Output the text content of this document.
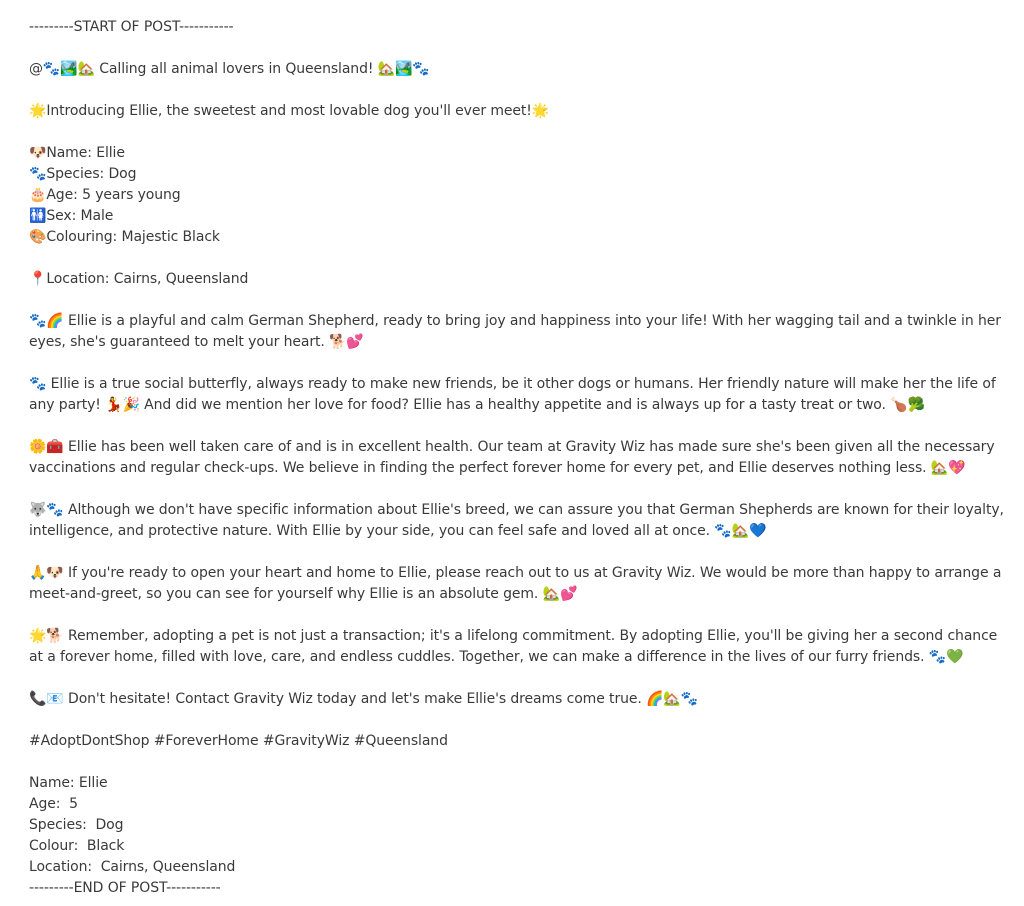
---------START OF POST-----------

@🐾🏞️🏡 Calling all animal lovers in Queensland! 🏡🏞️🐾

🌟Introducing Ellie, the sweetest and most lovable dog you'll ever meet!🌟

🐶Name: Ellie

🐾Species: Dog

🎂Age: 5 years young

🚻Sex: Male

🎨Colouring: Majestic Black

📍Location: Cairns, Queensland

🐾🌈 Ellie is a playful and calm German Shepherd, ready to bring joy and happiness into your life! With her wagging tail and a twinkle in her eyes, she's guaranteed to melt your heart. 🐕💕

🐾 Ellie is a true social butterfly, always ready to make new friends, be it other dogs or humans. Her friendly nature will make her the life of any party! 💃🎉 And did we mention her love for food? Ellie has a healthy appetite and is always up for a tasty treat or two. 🍗🥦

🌼🧰 Ellie has been well taken care of and is in excellent health. Our team at Gravity Wiz has made sure she's been given all the necessary vaccinations and regular check-ups. We believe in finding the perfect forever home for every pet, and Ellie deserves nothing less. 🏡💖

🐺🐾 Although we don't have specific information about Ellie's breed, we can assure you that German Shepherds are known for their loyalty, intelligence, and protective nature. With Ellie by your side, you can feel safe and loved all at once. 🐾🏡💙

🙏🐶 If you're ready to open your heart and home to Ellie, please reach out to us at Gravity Wiz. We would be more than happy to arrange a meet-and-greet, so you can see for yourself why Ellie is an absolute gem. 🏡💕

🌟🐕 Remember, adopting a pet is not just a transaction; it's a lifelong commitment. By adopting Ellie, you'll be giving her a second chance at a forever home, filled with love, care, and endless cuddles. Together, we can make a difference in the lives of our furry friends. 🐾💚

📞📧 Don't hesitate! Contact Gravity Wiz today and let's make Ellie's dreams come true. 🌈🏡🐾

#AdoptDontShop #ForeverHome #GravityWiz #Queensland

Name: Ellie

Age:  5

Species:  Dog

Colour:  Black

Location:  Cairns, Queensland

---------END OF POST-----------
